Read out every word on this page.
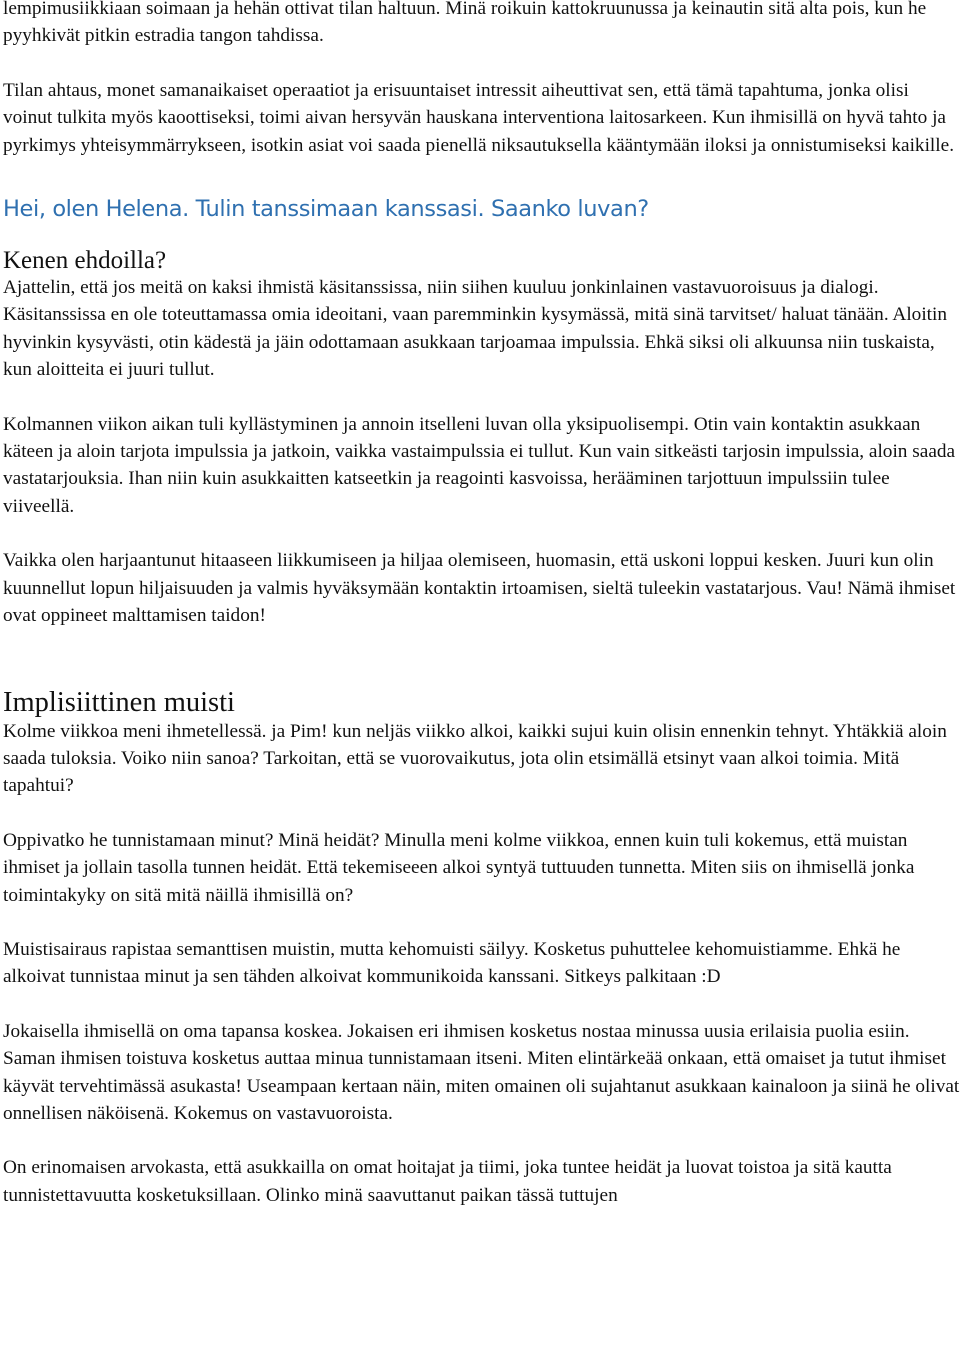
lempimusiikkiaan soimaan ja hehän ottivat tilan haltuun. Minä roikuin kattokruunussa ja keinautin sitä alta pois, kun he pyyhkivät pitkin estradia tangon tahdissa.

Tilan ahtaus, monet samanaikaiset operaatiot ja erisuuntaiset intressit aiheuttivat sen, että tämä tapahtuma, jonka olisi voinut tulkita myös kaoottiseksi, toimi aivan hersyvän hauskana interventiona laitosarkeen. Kun ihmisillä on hyvä tahto ja pyrkimys yhteisymmärrykseen, isotkin asiat voi saada pienellä niksautuksella kääntymään iloksi ja onnistumiseksi kaikille.

Hei, olen Helena. Tulin tanssimaan kanssasi. Saanko luvan?
Kenen ehdoilla?

Ajattelin, että jos meitä on kaksi ihmistä käsitanssissa, niin siihen kuuluu jonkinlainen vastavuoroisuus ja dialogi. Käsitanssissa en ole toteuttamassa omia ideoitani, vaan paremminkin kysymässä, mitä sinä tarvitset/ haluat tänään. Aloitin hyvinkin kysyvästi, otin kädestä ja jäin odottamaan asukkaan tarjoamaa impulssia. Ehkä siksi oli alkuunsa niin tuskaista, kun aloitteita ei juuri tullut.

Kolmannen viikon aikan tuli kyllästyminen ja annoin itselleni luvan olla yksipuolisempi. Otin vain kontaktin asukkaan käteen ja aloin tarjota impulssia ja jatkoin, vaikka vastaimpulssia ei tullut. Kun vain sitkeästi tarjosin impulssia, aloin saada vastatarjouksia. Ihan niin kuin asukkaitten katseetkin ja reagointi kasvoissa, herääminen tarjottuun impulssiin tulee viiveellä.

Vaikka olen harjaantunut hitaaseen liikkumiseen ja hiljaa olemiseen, huomasin, että uskoni loppui kesken. Juuri kun olin kuunnellut lopun hiljaisuuden ja valmis hyväksymään kontaktin irtoamisen, sieltä tuleekin vastatarjous. Vau! Nämä ihmiset ovat oppineet malttamisen taidon!

Implisiittinen muisti

Kolme viikkoa meni ihmetellessä. ja Pim! kun neljäs viikko alkoi, kaikki sujui kuin olisin ennenkin tehnyt. Yhtäkkiä aloin saada tuloksia. Voiko niin sanoa? Tarkoitan, että se vuorovaikutus, jota olin etsimällä etsinyt vaan alkoi toimia. Mitä tapahtui?

Oppivatko he tunnistamaan minut? Minä heidät? Minulla meni kolme viikkoa, ennen kuin tuli kokemus, että muistan ihmiset ja jollain tasolla tunnen heidät. Että tekemiseeen alkoi syntyä tuttuuden tunnetta. Miten siis on ihmisellä jonka toimintakyky on sitä mitä näillä ihmisillä on?

Muistisairaus rapistaa semanttisen muistin, mutta kehomuisti säilyy. Kosketus puhuttelee kehomuistiamme. Ehkä he alkoivat tunnistaa minut ja sen tähden alkoivat kommunikoida kanssani. Sitkeys palkitaan :D

Jokaisella ihmisellä on oma tapansa koskea. Jokaisen eri ihmisen kosketus nostaa minussa uusia erilaisia puolia esiin. Saman ihmisen toistuva kosketus auttaa minua tunnistamaan itseni. Miten elintärkeää onkaan, että omaiset ja tutut ihmiset käyvät tervehtimässä asukasta! Useampaan kertaan näin, miten omainen oli sujahtanut asukkaan kainaloon ja siinä he olivat onnellisen näköisenä. Kokemus on vastavuoroista.

On erinomaisen arvokasta, että asukkailla on omat hoitajat ja tiimi, joka tuntee heidät ja luovat toistoa ja sitä kautta tunnistettavuutta kosketuksillaan. Olinko minä saavuttanut paikan tässä tuttujen
